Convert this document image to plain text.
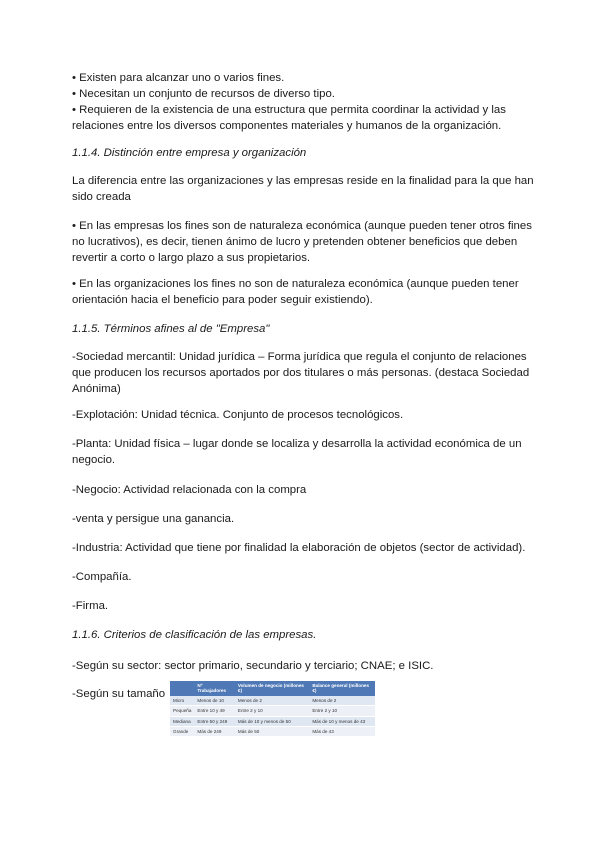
• Existen para alcanzar uno o varios fines.
• Necesitan un conjunto de recursos de diverso tipo.
• Requieren de la existencia de una estructura que permita coordinar la actividad y las relaciones entre los diversos componentes materiales y humanos de la organización.

1.1.4. Distinción entre empresa y organización

La diferencia entre las organizaciones y las empresas reside en la finalidad para la que han sido creada

• En las empresas los fines son de naturaleza económica (aunque pueden tener otros fines no lucrativos), es decir, tienen ánimo de lucro y pretenden obtener beneficios que deben revertir a corto o largo plazo a sus propietarios.

• En las organizaciones los fines no son de naturaleza económica (aunque pueden tener orientación hacia el beneficio para poder seguir existiendo).

1.1.5. Términos afines al de "Empresa"

-Sociedad mercantil: Unidad jurídica – Forma jurídica que regula el conjunto de relaciones que producen los recursos aportados por dos titulares o más personas. (destaca Sociedad Anónima)

-Explotación: Unidad técnica. Conjunto de procesos tecnológicos.

-Planta: Unidad física – lugar donde se localiza y desarrolla la actividad económica de un negocio.

-Negocio: Actividad relacionada con la compra

-venta y persigue una ganancia.

-Industria: Actividad que tiene por finalidad la elaboración de objetos (sector de actividad).

-Compañía.

-Firma.

1.1.6. Criterios de clasificación de las empresas.

-Según su sector: sector primario, secundario y terciario; CNAE; e ISIC.

-Según su tamaño

	Nº Trabajadores	Volumen de negocio (millones €)	Balance general (millones €)
Micro	Menos de 10	Menos de 2	Menos de 2
Pequeña	Entre 10 y 49	Entre 2 y 10	Entre 2 y 10
Mediana	Entre 50 y 249	Más de 10 y menos de 50	Más de 10 y menos de 43
Grande	Más de 249	Más de 50	Más de 43
